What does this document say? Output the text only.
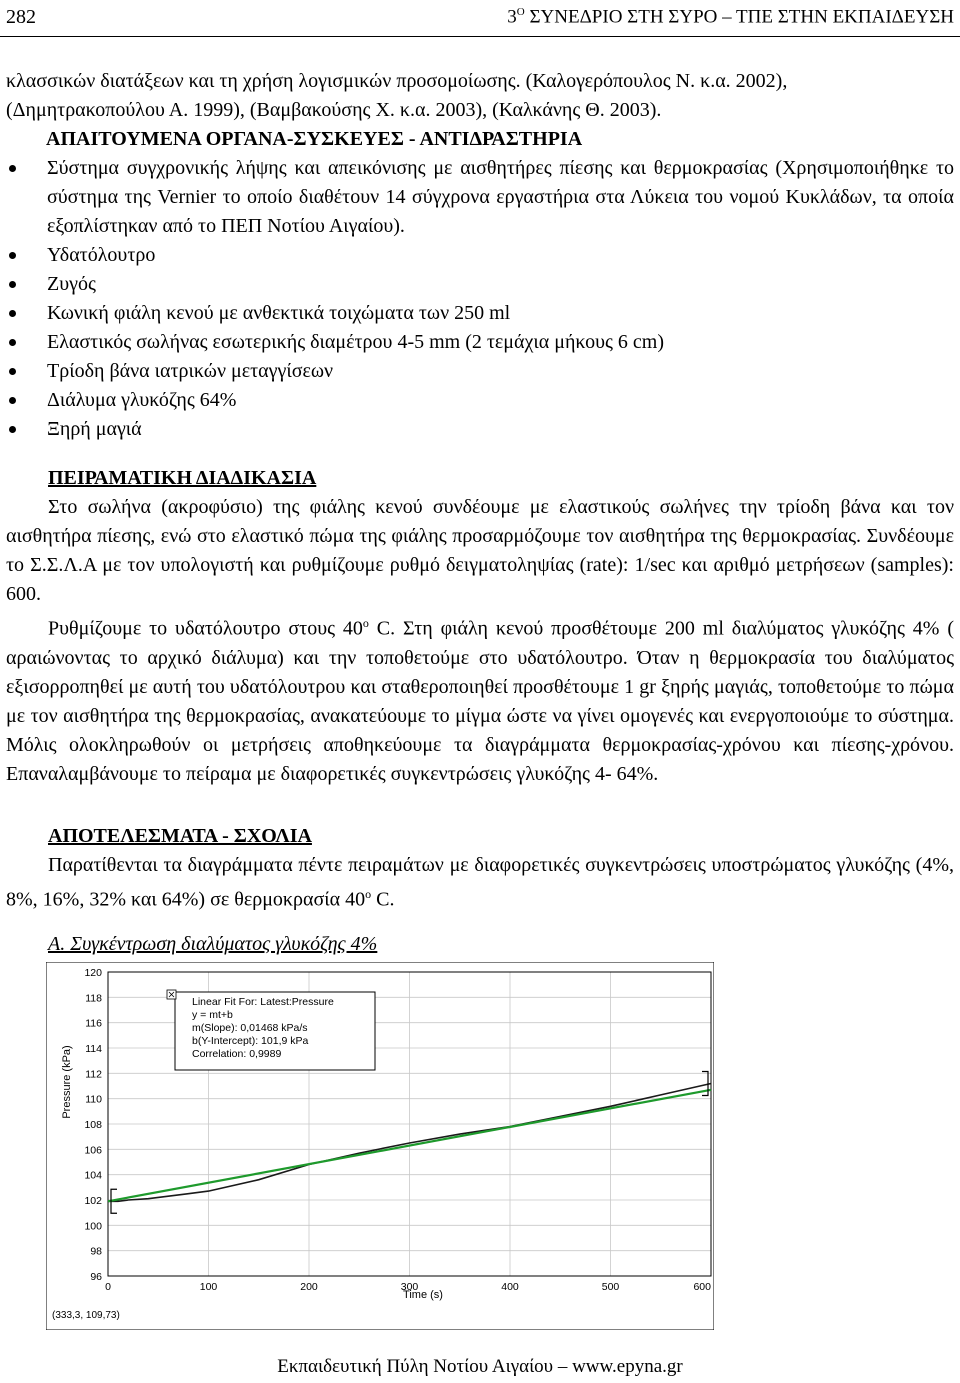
282	$3^O$ ΣΥΝΕΔΡΙΟ ΣΤΗ ΣΥΡΟ – ΤΠΕ ΣΤΗΝ ΕΚΠΑΙΔΕΥΣΗ
κλασσικών διατάξεων και τη χρήση λογισμικών προσομοίωσης. (Καλογερόπουλος Ν. κ.α. 2002),
(Δημητρακοπούλου Α. 1999), (Βαμβακούσης Χ. κ.α. 2003), (Καλκάνης Θ. 2003).
ΑΠΑΙΤΟΥΜΕΝΑ ΟΡΓΑΝΑ-ΣΥΣΚΕΥΕΣ - ΑΝΤΙΔΡΑΣΤΗΡΙΑ
Σύστημα συγχρονικής λήψης και απεικόνισης με αισθητήρες πίεσης και θερμοκρασίας (Χρησιμοποιήθηκε το σύστημα της Vernier το οποίο διαθέτουν 14 σύγχρονα εργαστήρια στα Λύκεια του νομού Κυκλάδων, τα οποία εξοπλίστηκαν από το ΠΕΠ Νοτίου Αιγαίου).
Υδατόλουτρο
Ζυγός
Κωνική φιάλη κενού με ανθεκτικά τοιχώματα των 250 ml
Ελαστικός σωλήνας εσωτερικής διαμέτρου 4-5 mm (2 τεμάχια μήκους 6 cm)
Τρίοδη βάνα ιατρικών μεταγγίσεων
Διάλυμα γλυκόζης 64%
Ξηρή μαγιά
ΠΕΙΡΑΜΑΤΙΚΗ ΔΙΑΔΙΚΑΣΙΑ
Στο σωλήνα (ακροφύσιο) της φιάλης κενού συνδέουμε με ελαστικούς σωλήνες την τρίοδη βάνα και τον αισθητήρα πίεσης, ενώ στο ελαστικό πώμα της φιάλης προσαρμόζουμε τον αισθητήρα της θερμοκρασίας. Συνδέουμε το Σ.Σ.Λ.Α με τον υπολογιστή και ρυθμίζουμε ρυθμό δειγματοληψίας (rate): 1/sec και αριθμό μετρήσεων (samples): 600.
Ρυθμίζουμε το υδατόλουτρο στους $40^o$ C. Στη φιάλη κενού προσθέτουμε 200 ml διαλύματος γλυκόζης 4% ( αραιώνοντας το αρχικό διάλυμα) και την τοποθετούμε στο υδατόλουτρο. Όταν η θερμοκρασία του διαλύματος εξισορροπηθεί με αυτή του υδατόλουτρου και σταθεροποιηθεί προσθέτουμε 1 gr ξηρής μαγιάς, τοποθετούμε το πώμα με τον αισθητήρα της θερμοκρασίας, ανακατεύουμε το μίγμα ώστε να γίνει ομογενές και ενεργοποιούμε το σύστημα. Μόλις ολοκληρωθούν οι μετρήσεις αποθηκεύουμε τα διαγράμματα θερμοκρασίας-χρόνου και πίεσης-χρόνου. Επαναλαμβάνουμε το πείραμα με διαφορετικές συγκεντρώσεις γλυκόζης 4- 64%.
ΑΠΟΤΕΛΕΣΜΑΤΑ - ΣΧΟΛΙΑ
Παρατίθενται τα διαγράμματα πέντε πειραμάτων με διαφορετικές συγκεντρώσεις υποστρώματος γλυκόζης (4%, 8%, 16%, 32% και 64%) σε θερμοκρασία $40^o$ C.
Α. Συγκέντρωση διαλύματος γλυκόζης 4%
96
98
100
102
104
106
108
110
112
114
116
118
120
0	100	200	300	400	500	600
Pressure (kPa)
Time (s)
Linear Fit For: Latest:Pressure
y = mt+b
m(Slope): 0,01468 kPa/s
b(Y-Intercept): 101,9 kPa
Correlation: 0,9989
(333,3, 109,73)
Εκπαιδευτική Πύλη Νοτίου Αιγαίου – www.epyna.gr
